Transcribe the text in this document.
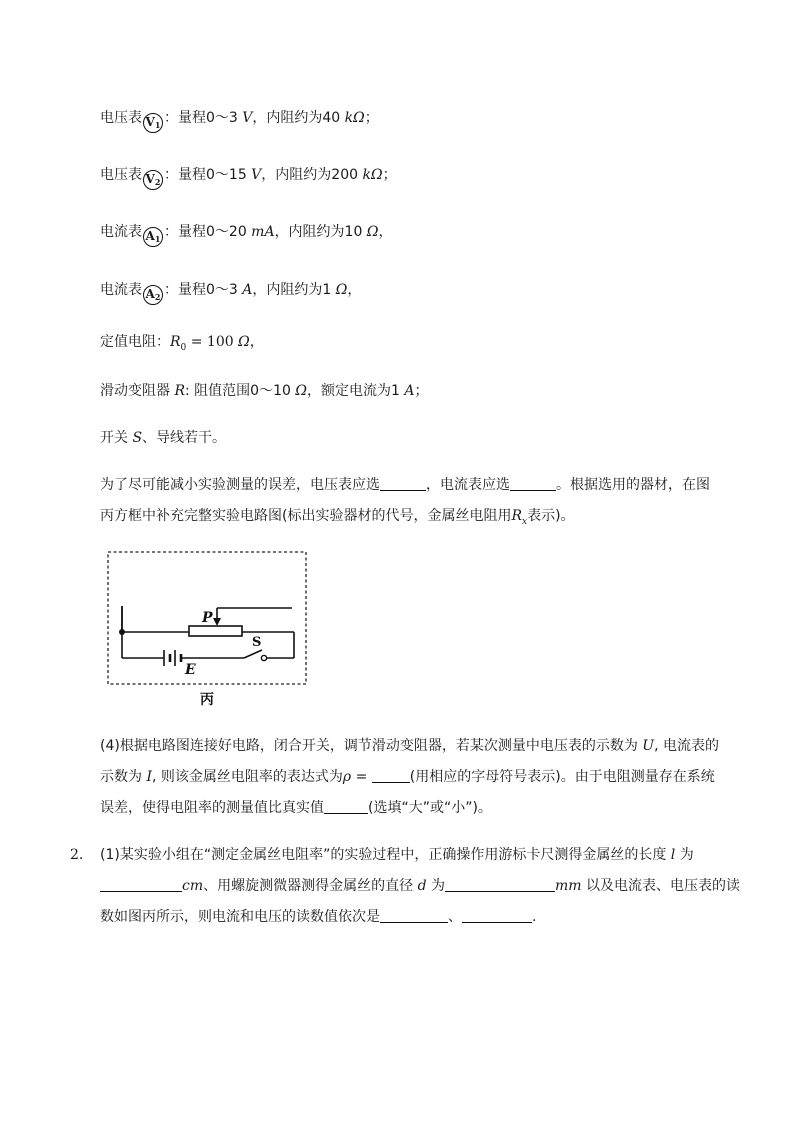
电压表 $V_1$ ：量程0～3 V，内阻约为40 kΩ；
电压表 $V_2$ ：量程0～15 V，内阻约为200 kΩ；
电流表 $A_1$ ：量程0～20 mA，内阻约为10 Ω，
电流表 $A_2$ ：量程0～3 A，内阻约为1 Ω，
定值电阻：$R_0 = 100$ Ω，
滑动变阻器 R: 阻值范围0～10 Ω，额定电流为1 A；
开关 S、导线若干。
为了尽可能减小实验测量的误差，电压表应选	，电流表应选	。根据选用的器材，在图
丙方框中补充完整实验电路图(标出实验器材的代号，金属丝电阻用$R_x$表示)。
P
E
S
丙
(4)根据电路图连接好电路，闭合开关，调节滑动变阻器，若某次测量中电压表的示数为 U, 电流表的
示数为 I, 则该金属丝电阻率的表达式为ρ =	(用相应的字母符号表示)。由于电阻测量存在系统
误差，使得电阻率的测量值比真实值	(选填“大”或“小”)。
2. (1)某实验小组在“测定金属丝电阻率”的实验过程中，正确操作用游标卡尺测得金属丝的长度 l 为
cm、用螺旋测微器测得金属丝的直径 d 为	mm 以及电流表、电压表的读
数如图丙所示，则电流和电压的读数值依次是	、	.
